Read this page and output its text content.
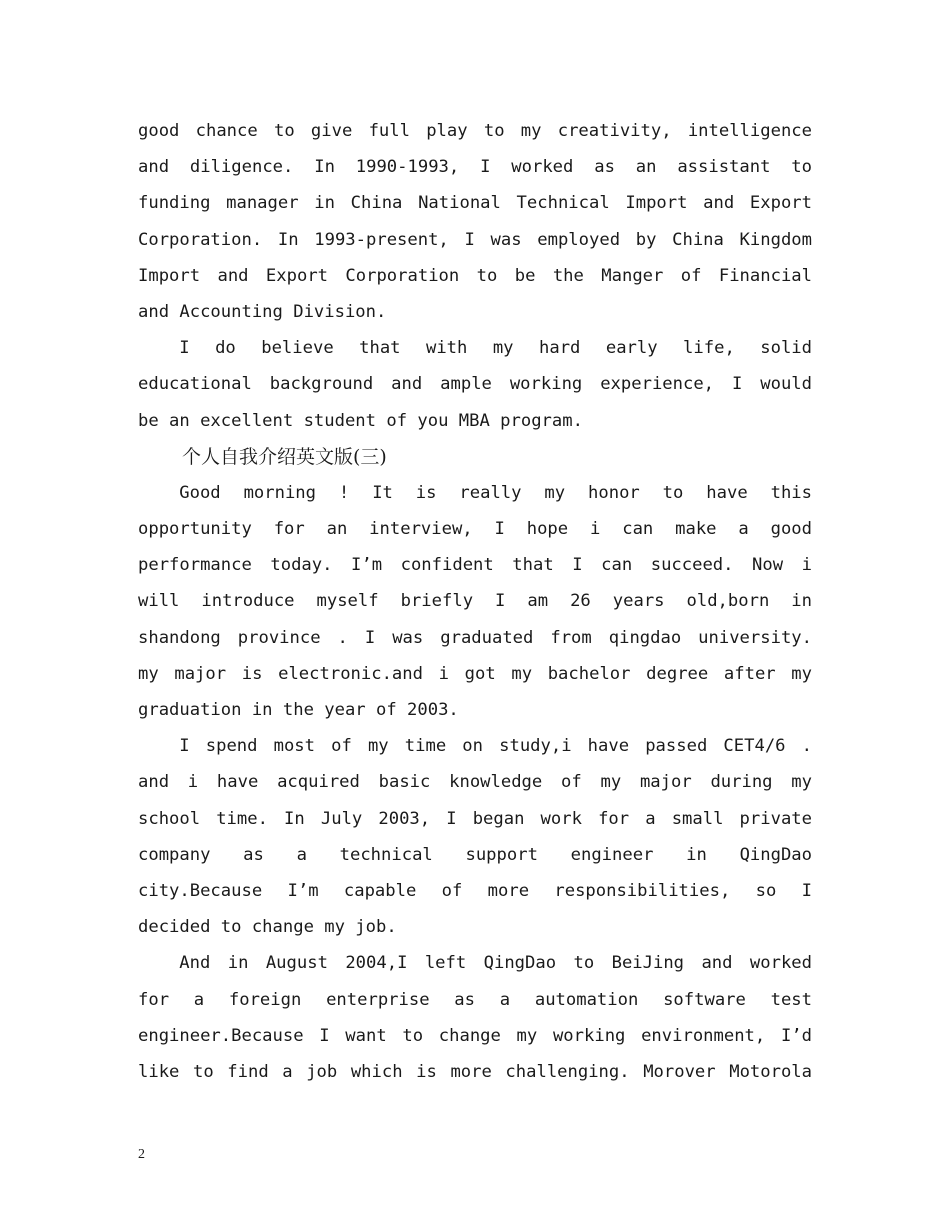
good chance to give full play to my creativity, intelligence
and diligence. In 1990-1993, I worked as an assistant to
funding manager in China National Technical Import and Export
Corporation. In 1993-present, I was employed by China Kingdom
Import and Export Corporation to be the Manger of Financial
and Accounting Division.
I do believe that with my hard early life, solid
educational background and ample working experience, I would
be an excellent student of you MBA program.
个人自我介绍英文版(三)
Good morning ! It is really my honor to have this
opportunity for an interview, I hope i can make a good
performance today. I’m confident that I can succeed. Now i
will introduce myself briefly I am 26 years old,born in
shandong province . I was graduated from qingdao university.
my major is electronic.and i got my bachelor degree after my
graduation in the year of 2003.
I spend most of my time on study,i have passed CET4/6 .
and i have acquired basic knowledge of my major during my
school time. In July 2003, I began work for a small private
company as a technical support engineer in QingDao
city.Because I’m capable of more responsibilities, so I
decided to change my job.
And in August 2004,I left QingDao to BeiJing and worked
for a foreign enterprise as a automation software test
engineer.Because I want to change my working environment, I’d
like to find a job which is more challenging. Morover Motorola
2
